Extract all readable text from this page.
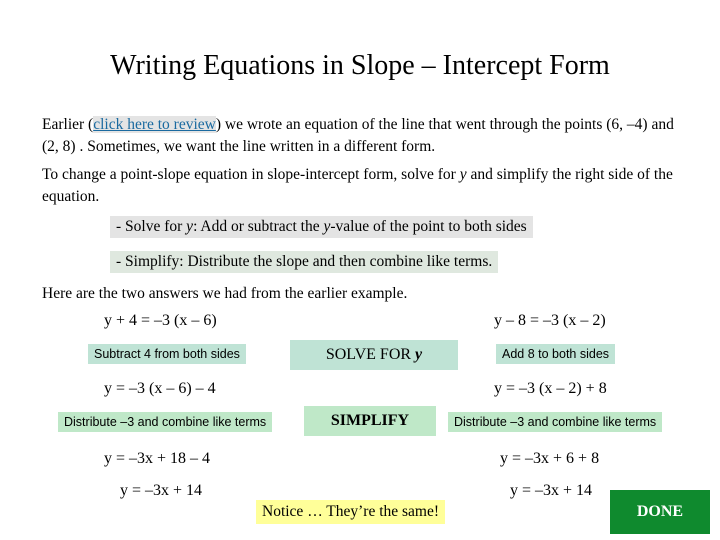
Writing Equations in Slope – Intercept Form
Earlier (click here to review) we wrote an equation of the line that went through the points (6, –4) and (2, 8) . Sometimes, we want the line written in a different form.
To change a point-slope equation in slope-intercept form, solve for y and simplify the right side of the equation.
- Solve for y: Add or subtract the y-value of the point to both sides
- Simplify: Distribute the slope and then combine like terms.
Here are the two answers we had from the earlier example.
y + 4 = –3 (x – 6)
Subtract 4 from both sides
y = –3 (x – 6) – 4
Distribute –3 and combine like terms
y = –3x + 18 – 4
y = –3x + 14
SOLVE FOR y
SIMPLIFY
Notice … They’re the same!
y – 8 = –3 (x – 2)
Add 8 to both sides
y = –3 (x – 2) + 8
Distribute –3 and combine like terms
y = –3x + 6 + 8
y = –3x + 14
DONE
